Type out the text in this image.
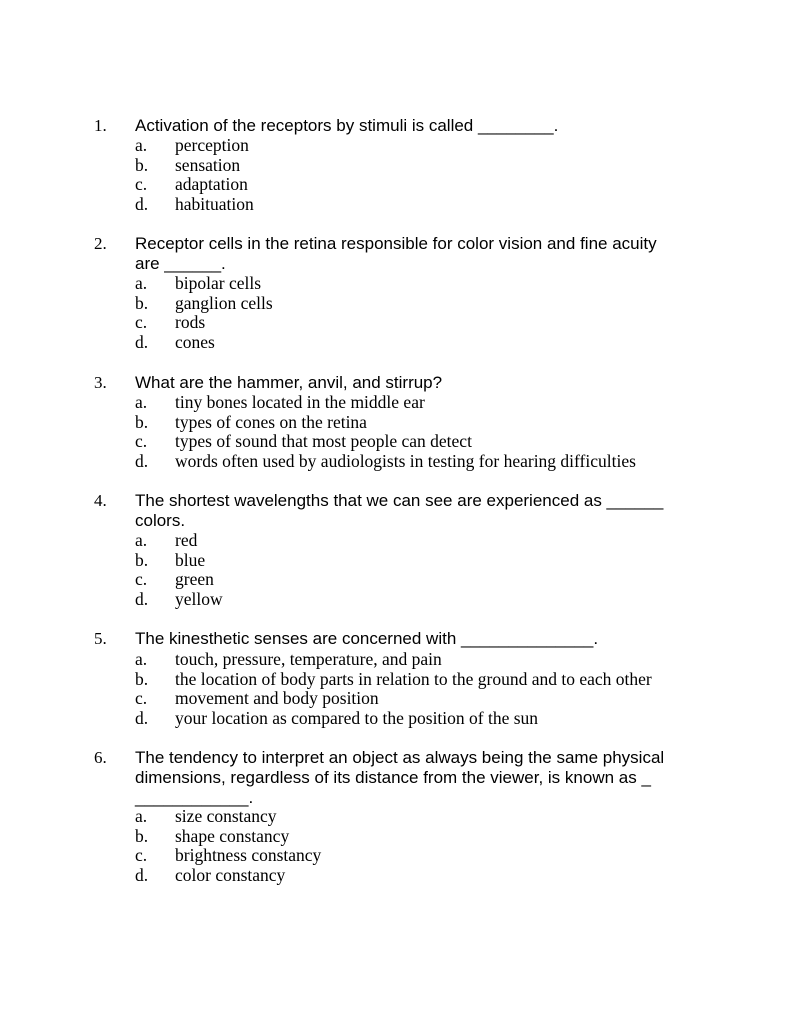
1. Activation of the receptors by stimuli is called ________.
a. perception
b. sensation
c. adaptation
d. habituation
2. Receptor cells in the retina responsible for color vision and fine acuity
are ______.
a. bipolar cells
b. ganglion cells
c. rods
d. cones
3. What are the hammer, anvil, and stirrup?
a. tiny bones located in the middle ear
b. types of cones on the retina
c. types of sound that most people can detect
d. words often used by audiologists in testing for hearing difficulties
4. The shortest wavelengths that we can see are experienced as ______
colors.
a. red
b. blue
c. green
d. yellow
5. The kinesthetic senses are concerned with ______________.
a. touch, pressure, temperature, and pain
b. the location of body parts in relation to the ground and to each other
c. movement and body position
d. your location as compared to the position of the sun
6. The tendency to interpret an object as always being the same physical
dimensions, regardless of its distance from the viewer, is known as _
____________.
a. size constancy
b. shape constancy
c. brightness constancy
d. color constancy
